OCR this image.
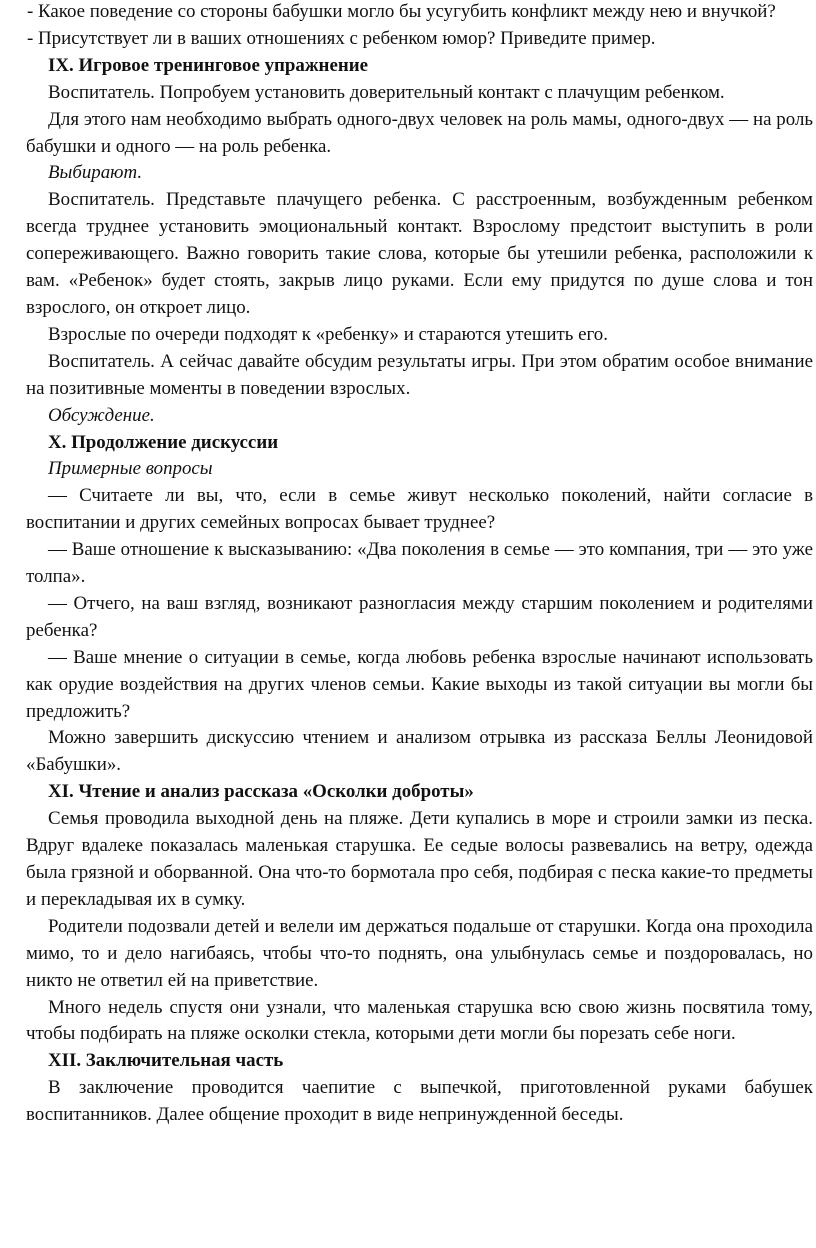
- Какое поведение со стороны бабушки могло бы усугубить конфликт между нею и внучкой?

- Присутствует ли в ваших отношениях с ребенком юмор? Приведите пример.

IX. Игровое тренинговое упражнение

Воспитатель. Попробуем установить доверительный контакт с плачущим ребенком.

Для этого нам необходимо выбрать одного-двух человек на роль мамы, одного-двух — на роль бабушки и одного — на роль ребенка.

Выбирают.

Воспитатель. Представьте плачущего ребенка. С расстроенным, возбужденным ребенком всегда труднее установить эмоциональный контакт. Взрослому предстоит выступить в роли сопереживающего. Важно говорить такие слова, которые бы утешили ребенка, расположили к вам. «Ребенок» будет стоять, закрыв лицо руками. Если ему придутся по душе слова и тон взрослого, он откроет лицо.

Взрослые по очереди подходят к «ребенку» и стараются утешить его.

Воспитатель. А сейчас давайте обсудим результаты игры. При этом обратим особое внимание на позитивные моменты в поведении взрослых.

Обсуждение.

X. Продолжение дискуссии

Примерные вопросы

— Считаете ли вы, что, если в семье живут несколько поколений, найти согласие в воспитании и других семейных вопросах бывает труднее?

— Ваше отношение к высказыванию: «Два поколения в семье — это компания, три — это уже толпа».

— Отчего, на ваш взгляд, возникают разногласия между старшим поколением и родителями ребенка?

— Ваше мнение о ситуации в семье, когда любовь ребенка взрослые начинают использовать как орудие воздействия на других членов семьи. Какие выходы из такой ситуации вы могли бы предложить?

Можно завершить дискуссию чтением и анализом отрывка из рассказа Беллы Леонидовой «Бабушки».

XI. Чтение и анализ рассказа «Осколки доброты»

Семья проводила выходной день на пляже. Дети купались в море и строили замки из песка. Вдруг вдалеке показалась маленькая старушка. Ее седые волосы развевались на ветру, одежда была грязной и оборванной. Она что-то бормотала про себя, подбирая с песка какие-то предметы и перекладывая их в сумку.

Родители подозвали детей и велели им держаться подальше от старушки. Когда она проходила мимо, то и дело нагибаясь, чтобы что-то поднять, она улыбнулась семье и поздоровалась, но никто не ответил ей на приветствие.

Много недель спустя они узнали, что маленькая старушка всю свою жизнь посвятила тому, чтобы подбирать на пляже осколки стекла, которыми дети могли бы порезать себе ноги.

XII. Заключительная часть

В заключение проводится чаепитие с выпечкой, приготовленной руками бабушек воспитанников. Далее общение проходит в виде непринужденной беседы.
